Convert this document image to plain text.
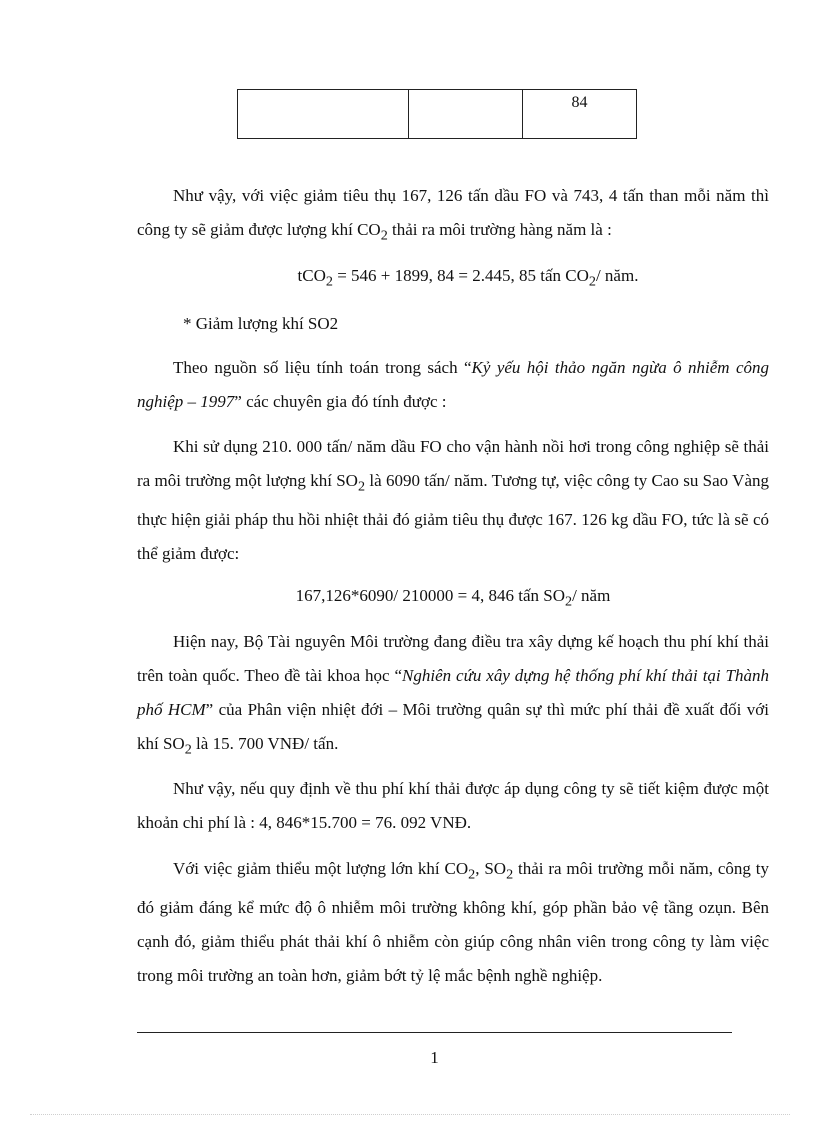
		84
Như vậy, với việc giảm tiêu thụ 167, 126 tấn dầu FO và 743, 4 tấn than mỗi năm thì công ty sẽ giảm được lượng khí $CO_2$ thải ra môi trường hàng năm là :
tCO$_2$ = 546 + 1899, 84 = 2.445, 85 tấn $CO_2/$ năm.
* Giảm lượng khí SO2
Theo nguồn số liệu tính toán trong sách “Kỷ yếu hội thảo ngăn ngừa ô nhiễm công nghiệp – 1997” các chuyên gia đó tính được :
Khi sử dụng 210. 000 tấn/ năm dầu FO cho vận hành nồi hơi trong công nghiệp sẽ thải ra môi trường một lượng khí $SO_2$ là 6090 tấn/ năm. Tương tự, việc công ty Cao su Sao Vàng thực hiện giải pháp thu hồi nhiệt thải đó giảm tiêu thụ được 167. 126 kg dầu FO, tức là sẽ có thể giảm được:
167,126*6090/ 210000 = 4, 846 tấn $SO_2/$ năm
Hiện nay, Bộ Tài nguyên Môi trường đang điều tra xây dựng kế hoạch thu phí khí thải trên toàn quốc. Theo đề tài khoa học “Nghiên cứu xây dựng hệ thống phí khí thải tại Thành phố HCM” của Phân viện nhiệt đới – Môi trường quân sự thì mức phí thải đề xuất đối với khí $SO_2$ là 15. 700 VNĐ/ tấn.
Như vậy, nếu quy định về thu phí khí thải được áp dụng công ty sẽ tiết kiệm được một khoản chi phí là : 4, 846*15.700 = 76. 092 VNĐ.
Với việc giảm thiểu một lượng lớn khí $CO_2$, $SO_2$ thải ra môi trường mỗi năm, công ty đó giảm đáng kể mức độ ô nhiễm môi trường không khí, góp phần bảo vệ tầng ozụn. Bên cạnh đó, giảm thiểu phát thải khí ô nhiễm còn giúp công nhân viên trong công ty làm việc trong môi trường an toàn hơn, giảm bớt tỷ lệ mắc bệnh nghề nghiệp.
1
